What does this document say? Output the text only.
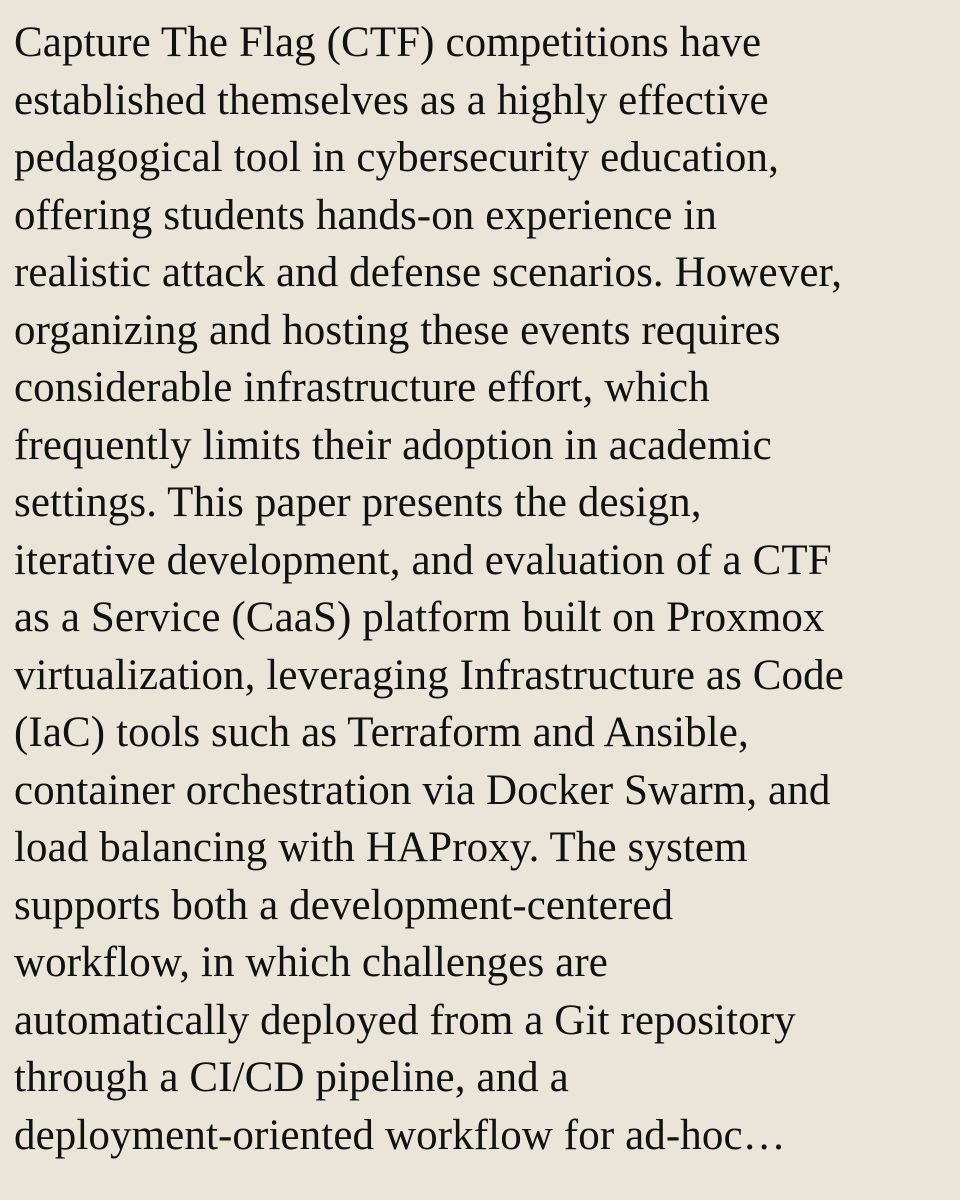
Capture The Flag (CTF) competitions have
established themselves as a highly effective
pedagogical tool in cybersecurity education,
offering students hands-on experience in
realistic attack and defense scenarios. However,
organizing and hosting these events requires
considerable infrastructure effort, which
frequently limits their adoption in academic
settings. This paper presents the design,
iterative development, and evaluation of a CTF
as a Service (CaaS) platform built on Proxmox
virtualization, leveraging Infrastructure as Code
(IaC) tools such as Terraform and Ansible,
container orchestration via Docker Swarm, and
load balancing with HAProxy. The system
supports both a development-centered
workflow, in which challenges are
automatically deployed from a Git repository
through a CI/CD pipeline, and a
deployment-oriented workflow for ad-hoc…
